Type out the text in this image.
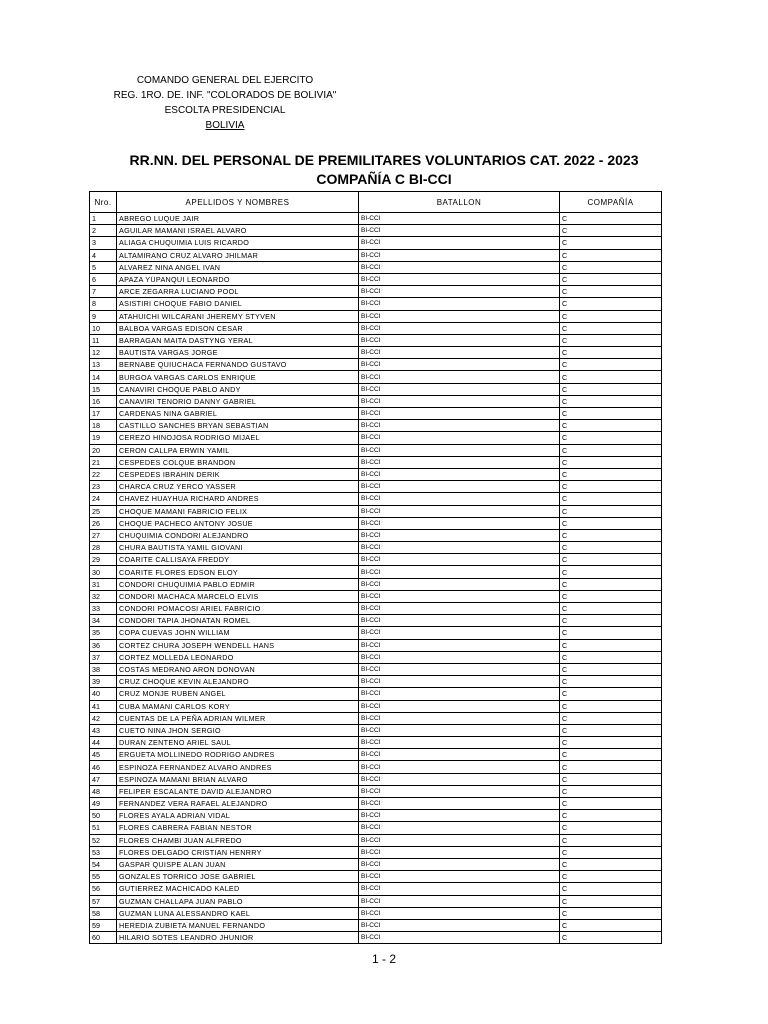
COMANDO GENERAL DEL EJERCITO
REG. 1RO. DE. INF. "COLORADOS DE BOLIVIA"
ESCOLTA PRESIDENCIAL
BOLIVIA
RR.NN. DEL PERSONAL DE PREMILITARES VOLUNTARIOS CAT. 2022 - 2023
COMPAÑÍA C BI-CCI
Nro.	APELLIDOS Y NOMBRES	BATALLON	COMPAÑÍA
1	ABREGO LUQUE JAIR	BI-CCI	C
2	AGUILAR MAMANI ISRAEL ALVARO	BI-CCI	C
3	ALIAGA CHUQUIMIA LUIS RICARDO	BI-CCI	C
4	ALTAMIRANO CRUZ ALVARO JHILMAR	BI-CCI	C
5	ALVAREZ NINA ANGEL IVAN	BI-CCI	C
6	APAZA YUPANQUI LEONARDO	BI-CCI	C
7	ARCE ZEGARRA LUCIANO POOL	BI-CCI	C
8	ASISTIRI CHOQUE FABIO DANIEL	BI-CCI	C
9	ATAHUICHI WILCARANI JHEREMY STYVEN	BI-CCI	C
10	BALBOA VARGAS EDISON CESAR	BI-CCI	C
11	BARRAGAN MAITA DASTYNG YERAL	BI-CCI	C
12	BAUTISTA VARGAS JORGE	BI-CCI	C
13	BERNABE QUIUCHACA FERNANDO GUSTAVO	BI-CCI	C
14	BURGOA VARGAS CARLOS ENRIQUE	BI-CCI	C
15	CANAVIRI CHOQUE PABLO ANDY	BI-CCI	C
16	CANAVIRI TENORIO DANNY GABRIEL	BI-CCI	C
17	CARDENAS NINA GABRIEL	BI-CCI	C
18	CASTILLO SANCHES BRYAN SEBASTIAN	BI-CCI	C
19	CEREZO HINOJOSA RODRIGO MIJAEL	BI-CCI	C
20	CERON CALLPA ERWIN YAMIL	BI-CCI	C
21	CESPEDES COLQUE BRANDON	BI-CCI	C
22	CESPEDES IBRAHIN DERIK	BI-CCI	C
23	CHARCA CRUZ YERCO YASSER	BI-CCI	C
24	CHAVEZ HUAYHUA RICHARD ANDRES	BI-CCI	C
25	CHOQUE MAMANI FABRICIO FELIX	BI-CCI	C
26	CHOQUE PACHECO ANTONY JOSUE	BI-CCI	C
27	CHUQUIMIA CONDORI ALEJANDRO	BI-CCI	C
28	CHURA BAUTISTA YAMIL GIOVANI	BI-CCI	C
29	COARITE CALLISAYA FREDDY	BI-CCI	C
30	COARITE FLORES EDSON ELOY	BI-CCI	C
31	CONDORI CHUQUIMIA PABLO EDMIR	BI-CCI	C
32	CONDORI MACHACA MARCELO ELVIS	BI-CCI	C
33	CONDORI POMACOSI ARIEL FABRICIO	BI-CCI	C
34	CONDORI TAPIA JHONATAN ROMEL	BI-CCI	C
35	COPA CUEVAS JOHN WILLIAM	BI-CCI	C
36	CORTEZ CHURA JOSEPH WENDELL HANS	BI-CCI	C
37	CORTEZ MOLLEDA LEONARDO	BI-CCI	C
38	COSTAS MEDRANO ARON DONOVAN	BI-CCI	C
39	CRUZ CHOQUE KEVIN ALEJANDRO	BI-CCI	C
40	CRUZ MONJE RUBEN ANGEL	BI-CCI	C
41	CUBA MAMANI CARLOS KORY	BI-CCI	C
42	CUENTAS DE LA PEÑA ADRIAN WILMER	BI-CCI	C
43	CUETO NINA JHON SERGIO	BI-CCI	C
44	DURAN ZENTENO ARIEL SAUL	BI-CCI	C
45	ERGUETA MOLLINEDO RODRIGO ANDRES	BI-CCI	C
46	ESPINOZA FERNANDEZ ALVARO ANDRES	BI-CCI	C
47	ESPINOZA MAMANI BRIAN ALVARO	BI-CCI	C
48	FELIPER ESCALANTE DAVID ALEJANDRO	BI-CCI	C
49	FERNANDEZ VERA RAFAEL ALEJANDRO	BI-CCI	C
50	FLORES AYALA ADRIAN VIDAL	BI-CCI	C
51	FLORES CABRERA FABIAN NESTOR	BI-CCI	C
52	FLORES CHAMBI JUAN ALFREDO	BI-CCI	C
53	FLORES DELGADO CRISTIAN HENRRY	BI-CCI	C
54	GASPAR QUISPE ALAN JUAN	BI-CCI	C
55	GONZALES TORRICO JOSE GABRIEL	BI-CCI	C
56	GUTIERREZ MACHICADO KALED	BI-CCI	C
57	GUZMAN CHALLAPA JUAN PABLO	BI-CCI	C
58	GUZMAN LUNA ALESSANDRO KAEL	BI-CCI	C
59	HEREDIA ZUBIETA MANUEL FERNANDO	BI-CCI	C
60	HILARIO SOTES LEANDRO JHUNIOR	BI-CCI	C
1 - 2
